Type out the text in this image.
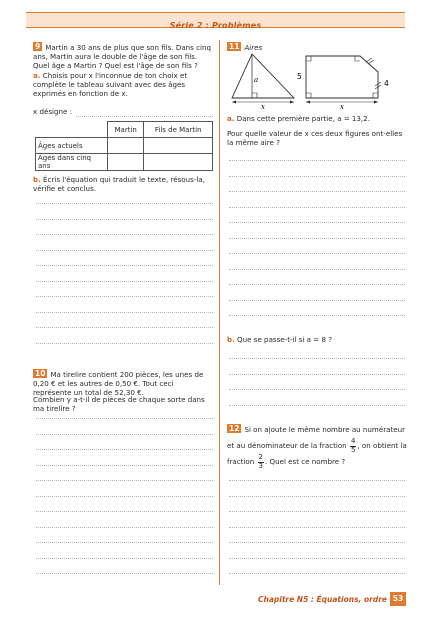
Série 2 : Problèmes
9 Martin a 30 ans de plus que son fils. Dans cinq ans, Martin aura le double de l'âge de son fils. Quel âge a Martin ? Quel est l'âge de son fils ?
a. Choisis pour x l'inconnue de ton choix et complète le tableau suivant avec des âges exprimés en fonction de x.
x désigne :
	Martin	Fils de Martin
Âges actuels		
Âges dans cinq ans		
b. Écris l'équation qui traduit le texte, résous-la, vérifie et conclus.
10 Ma tirelire contient 200 pièces, les unes de 0,20 € et les autres de 0,50 €. Tout ceci représente un total de 52,30 €.
Combien y a-t-il de pièces de chaque sorte dans ma tirelire ?
11 Aires
a
x
5
4
x
a. Dans cette première partie, a = 13,2.
Pour quelle valeur de x ces deux figures ont-elles la même aire ?
b. Que se passe-t-il si a = 8 ?
12 Si on ajoute le même nombre au numérateur et au dénominateur de la fraction $\frac{4}{5}$ , on obtient la fraction $\frac{2}{3}$ . Quel est ce nombre ?
Chapitre N5 : Équations, ordre 53
